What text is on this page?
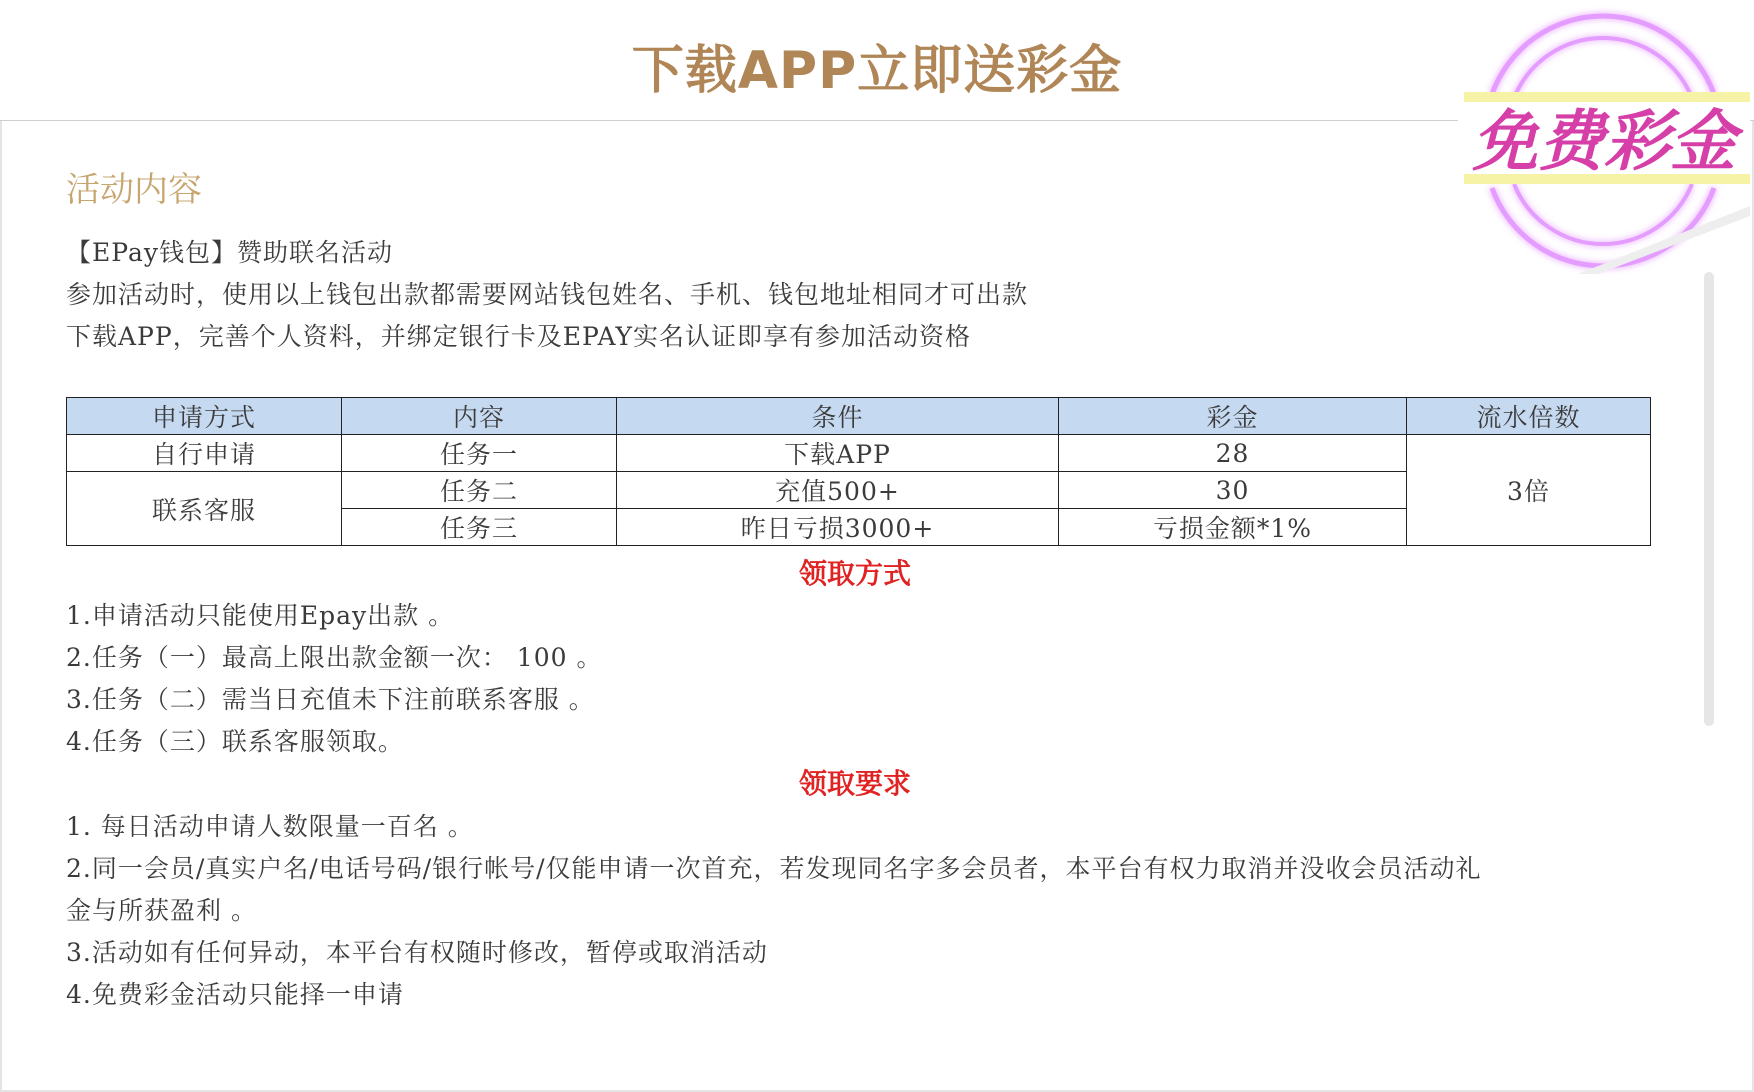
下载APP立即送彩金
免费彩金
活动内容
【EPay钱包】赞助联名活动
参加活动时，使用以上钱包出款都需要网站钱包姓名、手机、钱包地址相同才可出款
下载APP，完善个人资料，并绑定银行卡及EPAY实名认证即享有参加活动资格
申请方式	内容	条件	彩金	流水倍数
自行申请	任务一	下载APP	28	3倍
联系客服	任务二	充值500+	30	
	任务三	昨日亏损3000+	亏损金额*1%	
领取方式
1.申请活动只能使用Epay出款 。
2.任务（一）最高上限出款金额一次： 100 。
3.任务（二）需当日充值未下注前联系客服 。
4.任务（三）联系客服领取。
领取要求
1. 每日活动申请人数限量一百名 。
2.同一会员/真实户名/电话号码/银行帐号/仅能申请一次首充，若发现同名字多会员者，本平台有权力取消并没收会员活动礼
金与所获盈利 。
3.活动如有任何异动，本平台有权随时修改，暂停或取消活动
4.免费彩金活动只能择一申请
